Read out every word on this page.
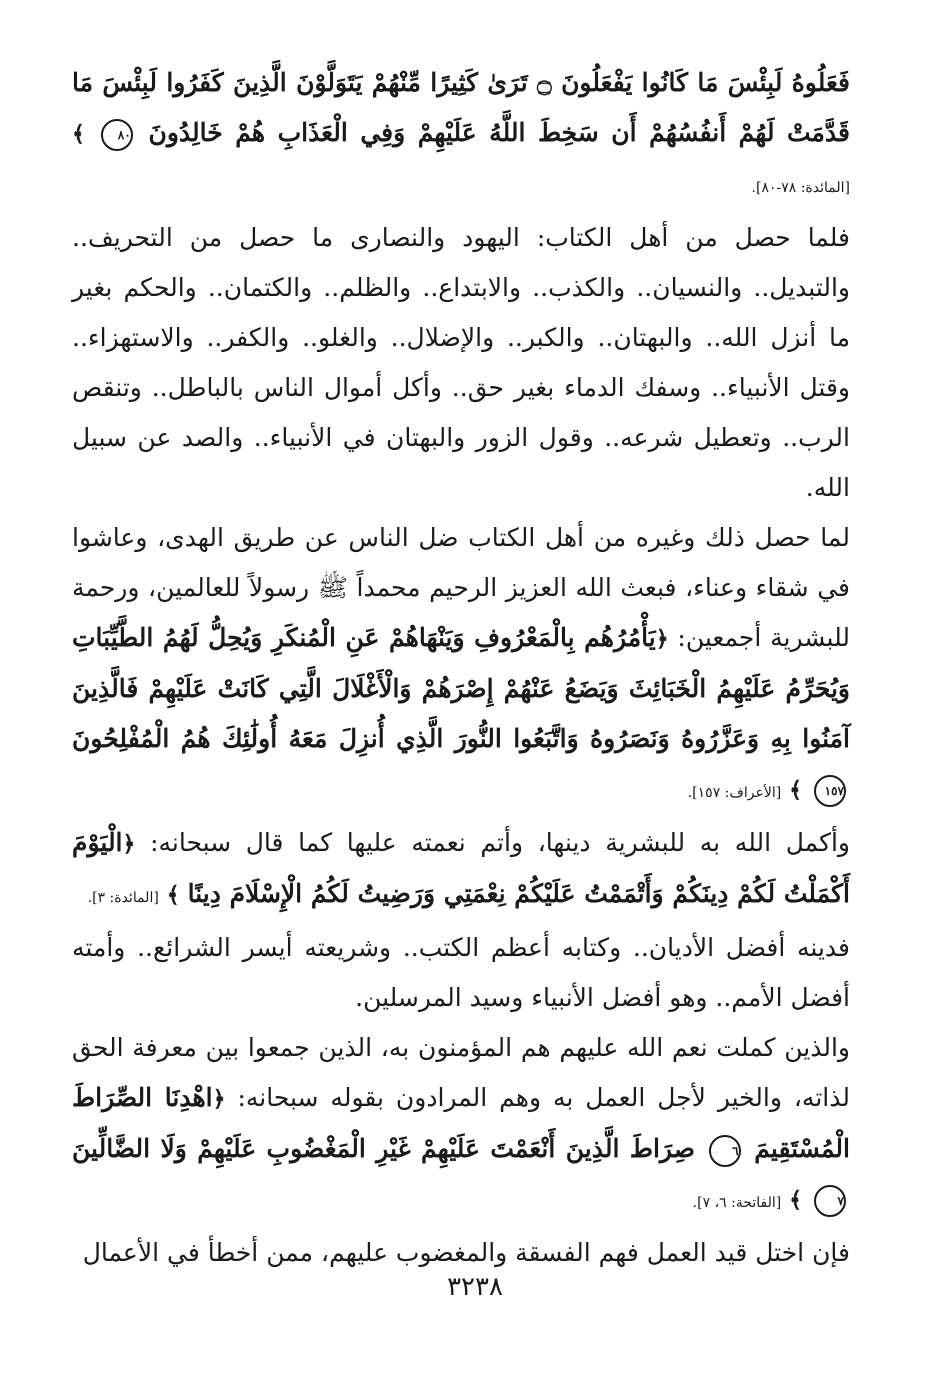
فَعَلُوهُ لَبِئْسَ مَا كَانُوا يَفْعَلُونَ ۝ تَرَىٰ كَثِيرًا مِّنْهُمْ يَتَوَلَّوْنَ الَّذِينَ كَفَرُوا لَبِئْسَ مَا قَدَّمَتْ لَهُمْ أَنفُسُهُمْ أَن سَخِطَ اللَّهُ عَلَيْهِمْ وَفِي الْعَذَابِ هُمْ خَالِدُونَ ٨٠ ﴾ [المائدة: ٧٨-٨٠].

فلما حصل من أهل الكتاب: اليهود والنصارى ما حصل من التحريف.. والتبديل.. والنسيان.. والكذب.. والابتداع.. والظلم.. والكتمان.. والحكم بغير ما أنزل الله.. والبهتان.. والكبر.. والإضلال.. والغلو.. والكفر.. والاستهزاء.. وقتل الأنبياء.. وسفك الدماء بغير حق.. وأكل أموال الناس بالباطل.. وتنقص الرب.. وتعطيل شرعه.. وقول الزور والبهتان في الأنبياء.. والصد عن سبيل الله.

لما حصل ذلك وغيره من أهل الكتاب ضل الناس عن طريق الهدى، وعاشوا في شقاء وعناء، فبعث الله العزيز الرحيم محمداً ﷺ رسولاً للعالمين، ورحمة للبشرية أجمعين: ﴿يَأْمُرُهُم بِالْمَعْرُوفِ وَيَنْهَاهُمْ عَنِ الْمُنكَرِ وَيُحِلُّ لَهُمُ الطَّيِّبَاتِ وَيُحَرِّمُ عَلَيْهِمُ الْخَبَائِثَ وَيَضَعُ عَنْهُمْ إِصْرَهُمْ وَالْأَغْلَالَ الَّتِي كَانَتْ عَلَيْهِمْ فَالَّذِينَ آمَنُوا بِهِ وَعَزَّرُوهُ وَنَصَرُوهُ وَاتَّبَعُوا النُّورَ الَّذِي أُنزِلَ مَعَهُ أُولَٰئِكَ هُمُ الْمُفْلِحُونَ ١٥٧ ﴾ [الأعراف: ١٥٧].

وأكمل الله به للبشرية دينها، وأتم نعمته عليها كما قال سبحانه: ﴿الْيَوْمَ أَكْمَلْتُ لَكُمْ دِينَكُمْ وَأَتْمَمْتُ عَلَيْكُمْ نِعْمَتِي وَرَضِيتُ لَكُمُ الْإِسْلَامَ دِينًا ﴾ [المائدة: ٣].

فدينه أفضل الأديان.. وكتابه أعظم الكتب.. وشريعته أيسر الشرائع.. وأمته أفضل الأمم.. وهو أفضل الأنبياء وسيد المرسلين.

والذين كملت نعم الله عليهم هم المؤمنون به، الذين جمعوا بين معرفة الحق لذاته، والخير لأجل العمل به وهم المرادون بقوله سبحانه: ﴿اهْدِنَا الصِّرَاطَ الْمُسْتَقِيمَ ٦ صِرَاطَ الَّذِينَ أَنْعَمْتَ عَلَيْهِمْ غَيْرِ الْمَغْضُوبِ عَلَيْهِمْ وَلَا الضَّالِّينَ ٧ ﴾ [الفاتحة: ٦، ٧].

فإن اختل قيد العمل فهم الفسقة والمغضوب عليهم، ممن أخطأ في الأعمال

٣٢٣٨
